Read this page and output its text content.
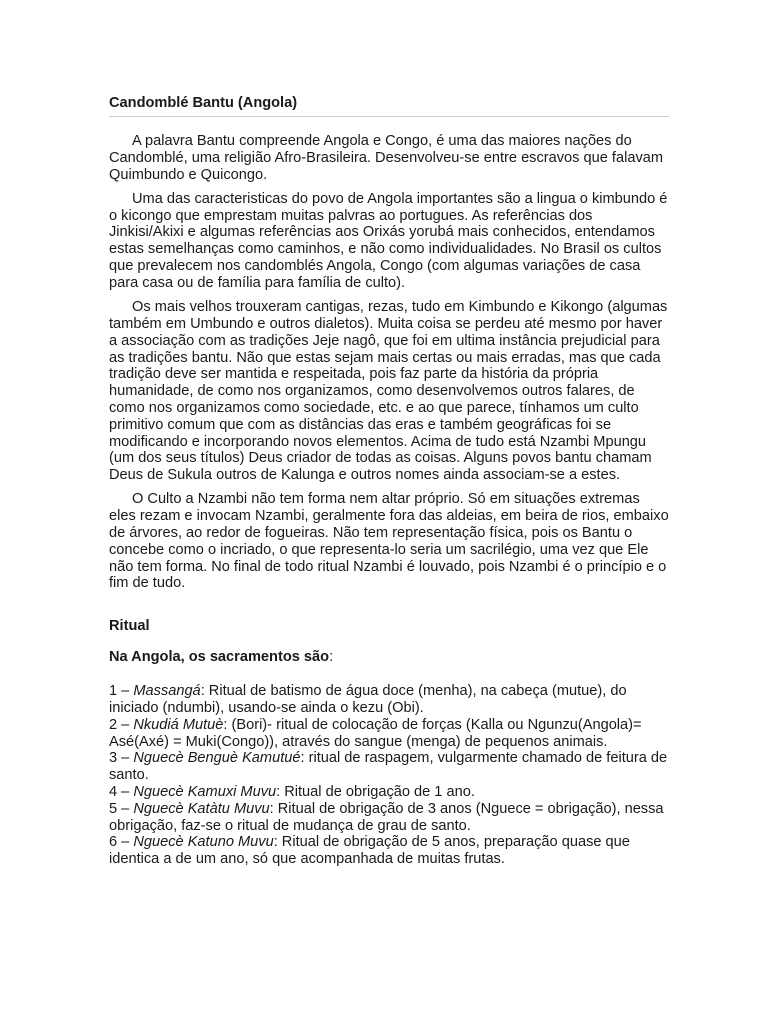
Candomblé Bantu (Angola)

A palavra Bantu compreende Angola e Congo, é uma das maiores nações do Candomblé, uma religião Afro-Brasileira. Desenvolveu-se entre escravos que falavam Quimbundo e Quicongo.

Uma das caracteristicas do povo de Angola importantes são a lingua o kimbundo é o kicongo que emprestam muitas palvras ao portugues. As referências dos Jinkisi/Akixi e algumas referências aos Orixás yorubá mais conhecidos, entendamos estas semelhanças como caminhos, e não como individualidades. No Brasil os cultos que prevalecem nos candomblés Angola, Congo (com algumas variações de casa para casa ou de família para família de culto).

Os mais velhos trouxeram cantigas, rezas, tudo em Kimbundo e Kikongo (algumas também em Umbundo e outros dialetos). Muita coisa se perdeu até mesmo por haver a associação com as tradições Jeje nagô, que foi em ultima instância prejudicial para as tradições bantu. Não que estas sejam mais certas ou mais erradas, mas que cada tradição deve ser mantida e respeitada, pois faz parte da história da própria humanidade, de como nos organizamos, como desenvolvemos outros falares, de como nos organizamos como sociedade, etc. e ao que parece, tínhamos um culto primitivo comum que com as distâncias das eras e também geográficas foi se modificando e incorporando novos elementos. Acima de tudo está Nzambi Mpungu (um dos seus títulos) Deus criador de todas as coisas. Alguns povos bantu chamam Deus de Sukula outros de Kalunga e outros nomes ainda associam-se a estes.

O Culto a Nzambi não tem forma nem altar próprio. Só em situações extremas eles rezam e invocam Nzambi, geralmente fora das aldeias, em beira de rios, embaixo de árvores, ao redor de fogueiras. Não tem representação física, pois os Bantu o concebe como o incriado, o que representa-lo seria um sacrilégio, uma vez que Ele não tem forma. No final de todo ritual Nzambi é louvado, pois Nzambi é o princípio e o fim de tudo.

Ritual
Na Angola, os sacramentos são:
1 – Massangá: Ritual de batismo de água doce (menha), na cabeça (mutue), do iniciado (ndumbi), usando-se ainda o kezu (Obi).
2 – Nkudiá Mutuè: (Bori)- ritual de colocação de forças (Kalla ou Ngunzu(Angola)= Asé(Axé) = Muki(Congo)), através do sangue (menga) de pequenos animais.
3 – Nguecè Benguè Kamutué: ritual de raspagem, vulgarmente chamado de feitura de santo.
4 – Nguecè Kamuxi Muvu: Ritual de obrigação de 1 ano.
5 – Nguecè Katàtu Muvu: Ritual de obrigação de 3 anos (Nguece = obrigação), nessa obrigação, faz-se o ritual de mudança de grau de santo.
6 – Nguecè Katuno Muvu: Ritual de obrigação de 5 anos, preparação quase que identica a de um ano, só que acompanhada de muitas frutas.
